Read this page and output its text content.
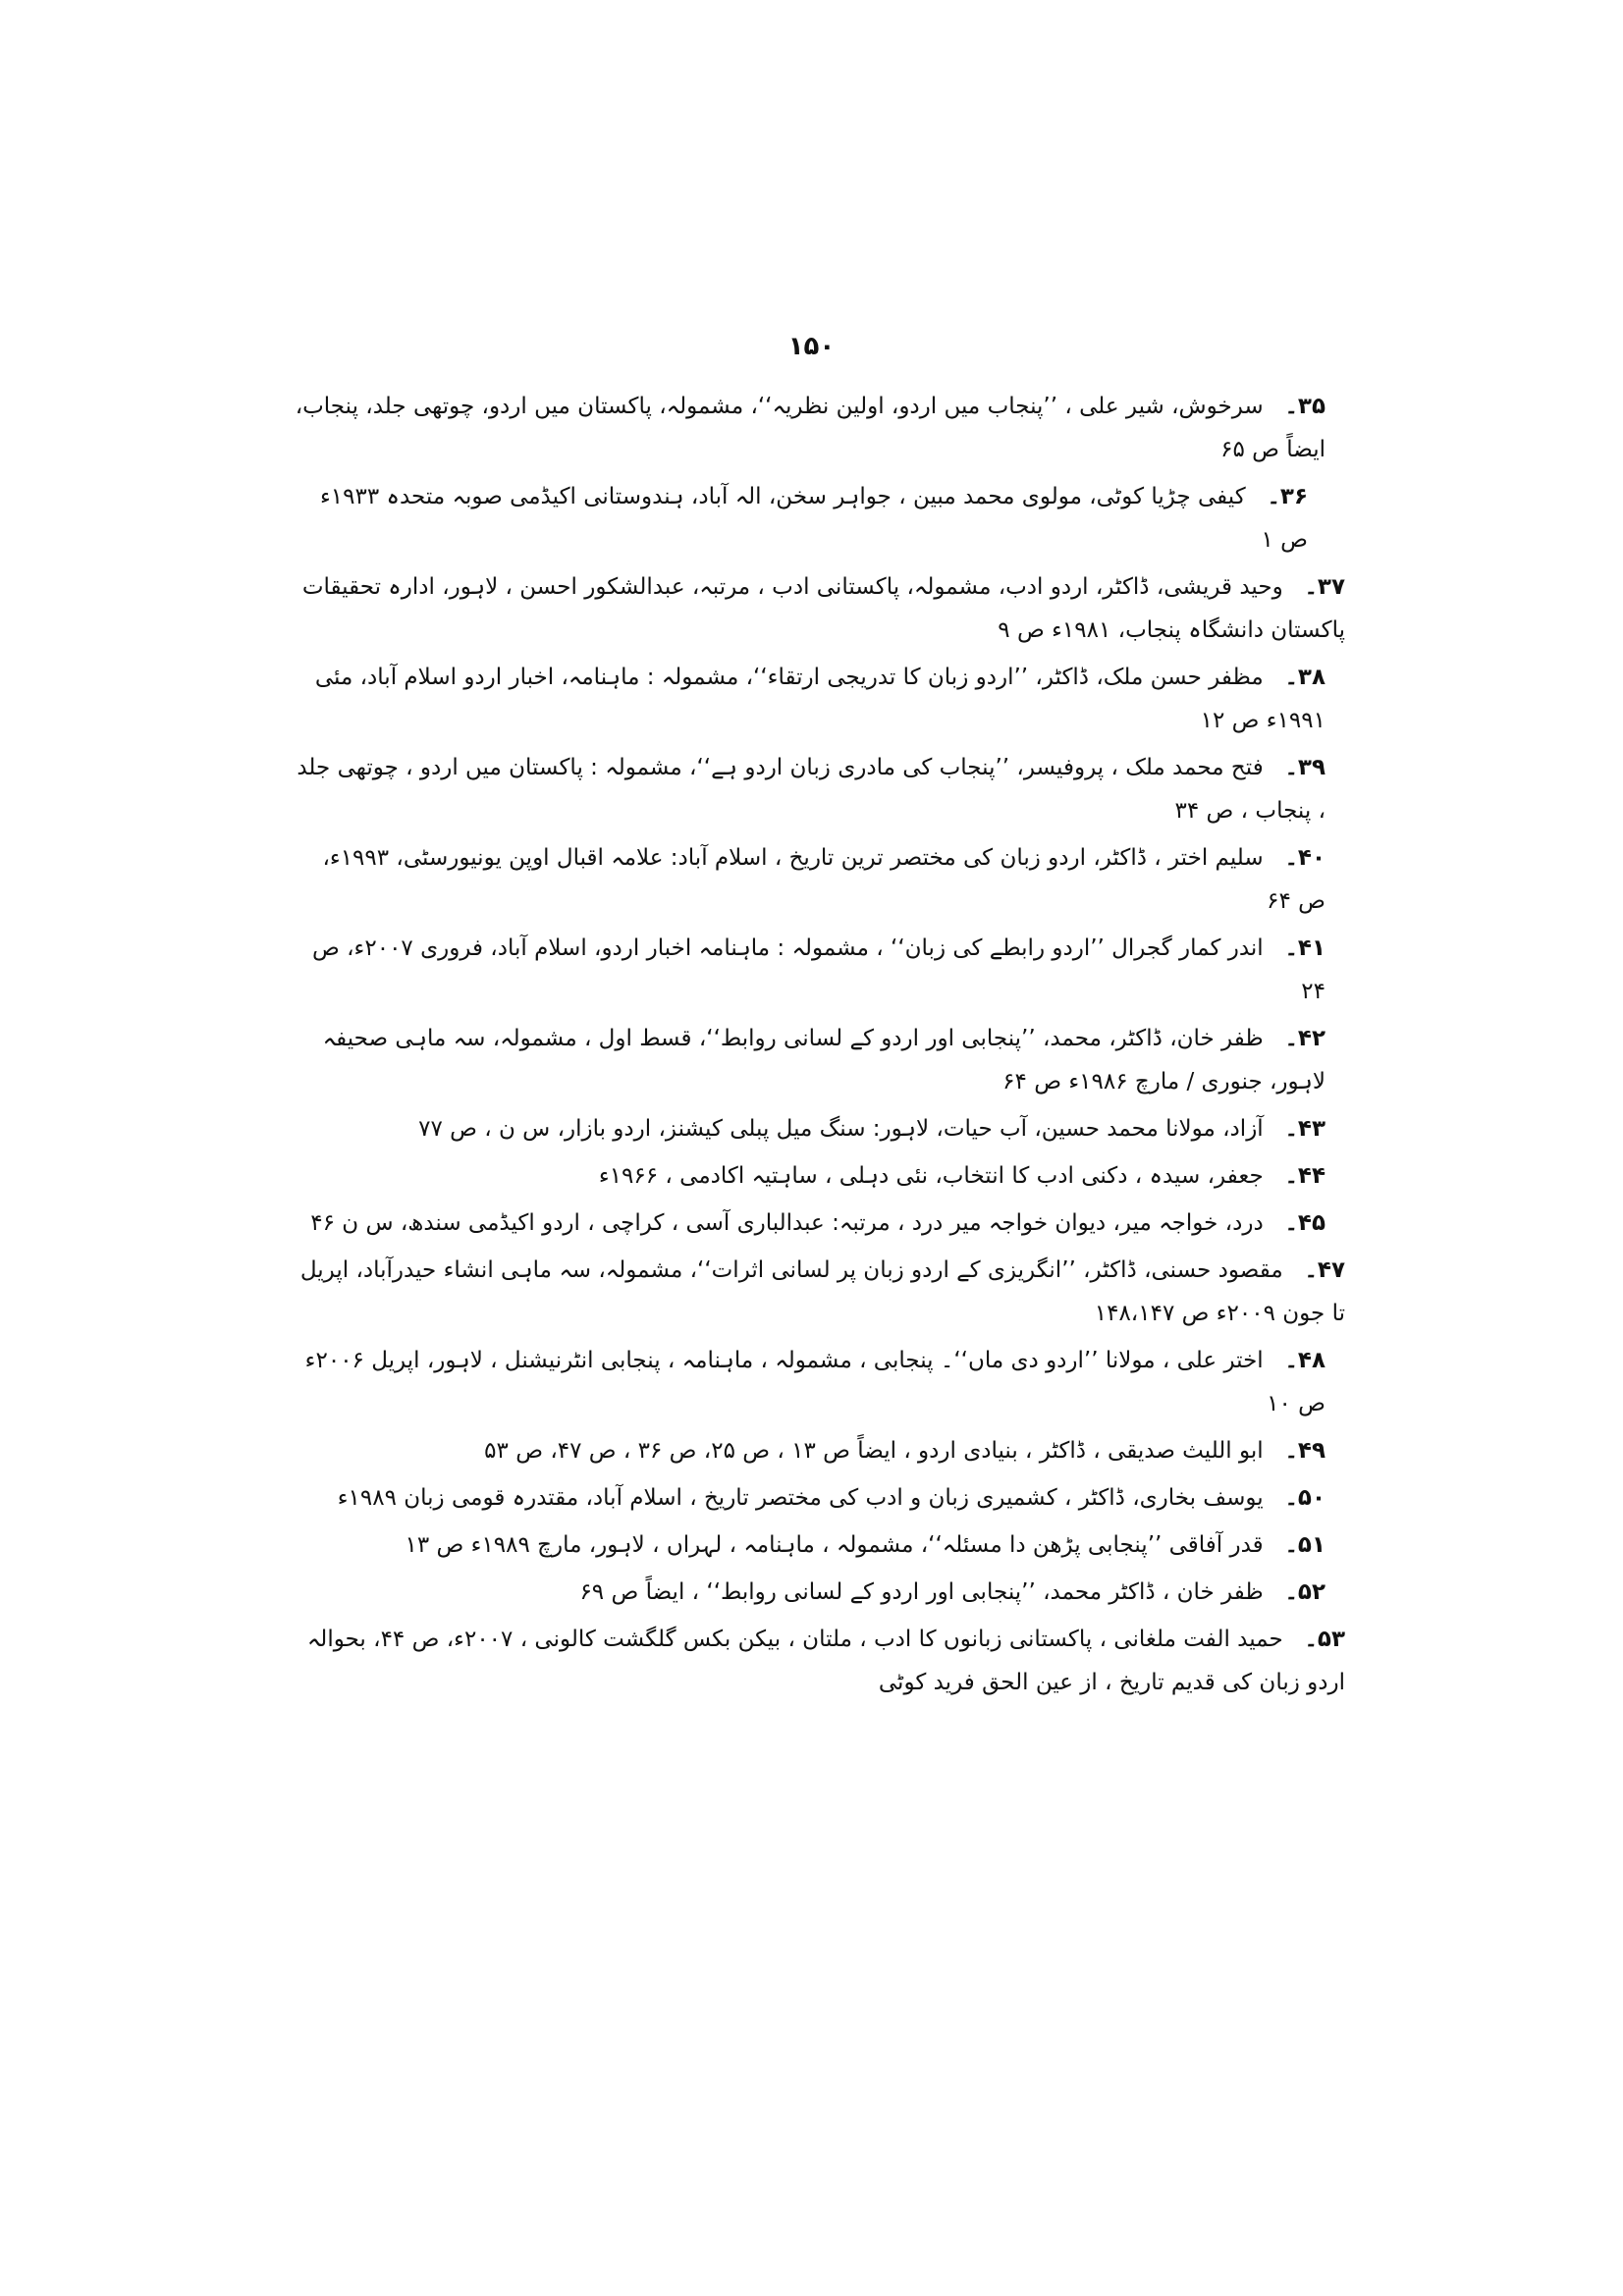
۱۵۰
۳۵۔ سرخوش، شیر علی ، ’’پنجاب میں اردو، اولین نظریہ‘‘، مشمولہ، پاکستان میں اردو، چوتھی جلد، پنجاب، ایضاً ص ۶۵
۳۶۔ کیفی چڑیا کوٹی، مولوی محمد مبین ، جواہر سخن، الہ آباد، ہندوستانی اکیڈمی صوبہ متحدہ ۱۹۳۳ء ص ۱
۳۷۔ وحید قریشی، ڈاکٹر، اردو ادب، مشمولہ، پاکستانی ادب ، مرتبہ، عبدالشکور احسن ، لاہور، ادارہ تحقیقات پاکستان دانشگاہ پنجاب، ۱۹۸۱ء ص ۹
۳۸۔ مظفر حسن ملک، ڈاکٹر، ’’اردو زبان کا تدریجی ارتقاء‘‘، مشمولہ : ماہنامہ، اخبار اردو اسلام آباد، مئی ۱۹۹۱ء ص ۱۲
۳۹۔ فتح محمد ملک ، پروفیسر، ’’پنجاب کی مادری زبان اردو ہے‘‘، مشمولہ : پاکستان میں اردو ، چوتھی جلد ، پنجاب ، ص ۳۴
۴۰۔ سلیم اختر ، ڈاکٹر، اردو زبان کی مختصر ترین تاریخ ، اسلام آباد: علامہ اقبال اوپن یونیورسٹی، ۱۹۹۳ء، ص ۶۴
۴۱۔ اندر کمار گجرال ’’اردو رابطے کی زبان‘‘ ، مشمولہ : ماہنامہ اخبار اردو، اسلام آباد، فروری ۲۰۰۷ء، ص ۲۴
۴۲۔ ظفر خان، ڈاکٹر، محمد، ’’پنجابی اور اردو کے لسانی روابط‘‘، قسط اول ، مشمولہ، سہ ماہی صحیفہ لاہور، جنوری / مارچ ۱۹۸۶ء ص ۶۴
۴۳۔ آزاد، مولانا محمد حسین، آب حیات، لاہور: سنگ میل پبلی کیشنز، اردو بازار، س ن ، ص ۷۷
۴۴۔ جعفر، سیدہ ، دکنی ادب کا انتخاب، نئی دہلی ، ساہتیہ اکادمی ، ۱۹۶۶ء
۴۵۔ درد، خواجہ میر، دیوان خواجہ میر درد ، مرتبہ: عبدالباری آسی ، کراچی ، اردو اکیڈمی سندھ، س ن ۴۶
۴۷۔ مقصود حسنی، ڈاکٹر، ’’انگریزی کے اردو زبان پر لسانی اثرات‘‘، مشمولہ، سہ ماہی انشاء حیدرآباد، اپریل تا جون ۲۰۰۹ء ص ۱۴۸،۱۴۷
۴۸۔ اختر علی ، مولانا ’’اردو دی ماں‘‘۔ پنجابی ، مشمولہ ، ماہنامہ ، پنجابی انٹرنیشنل ، لاہور، اپریل ۲۰۰۶ء ص ۱۰
۴۹۔ ابو اللیث صدیقی ، ڈاکٹر ، بنیادی اردو ، ایضاً ص ۱۳ ، ص ۲۵، ص ۳۶ ، ص ۴۷، ص ۵۳
۵۰۔ یوسف بخاری، ڈاکٹر ، کشمیری زبان و ادب کی مختصر تاریخ ، اسلام آباد، مقتدرہ قومی زبان ۱۹۸۹ء
۵۱۔ قدر آفاقی ’’پنجابی پڑھن دا مسئلہ‘‘، مشمولہ ، ماہنامہ ، لہراں ، لاہور، مارچ ۱۹۸۹ء ص ۱۳
۵۲۔ ظفر خان ، ڈاکٹر محمد، ’’پنجابی اور اردو کے لسانی روابط‘‘ ، ایضاً ص ۶۹
۵۳۔ حمید الفت ملغانی ، پاکستانی زبانوں کا ادب ، ملتان ، بیکن بکس گلگشت کالونی ، ۲۰۰۷ء، ص ۴۴، بحوالہ اردو زبان کی قدیم تاریخ ، از عین الحق فرید کوٹی
